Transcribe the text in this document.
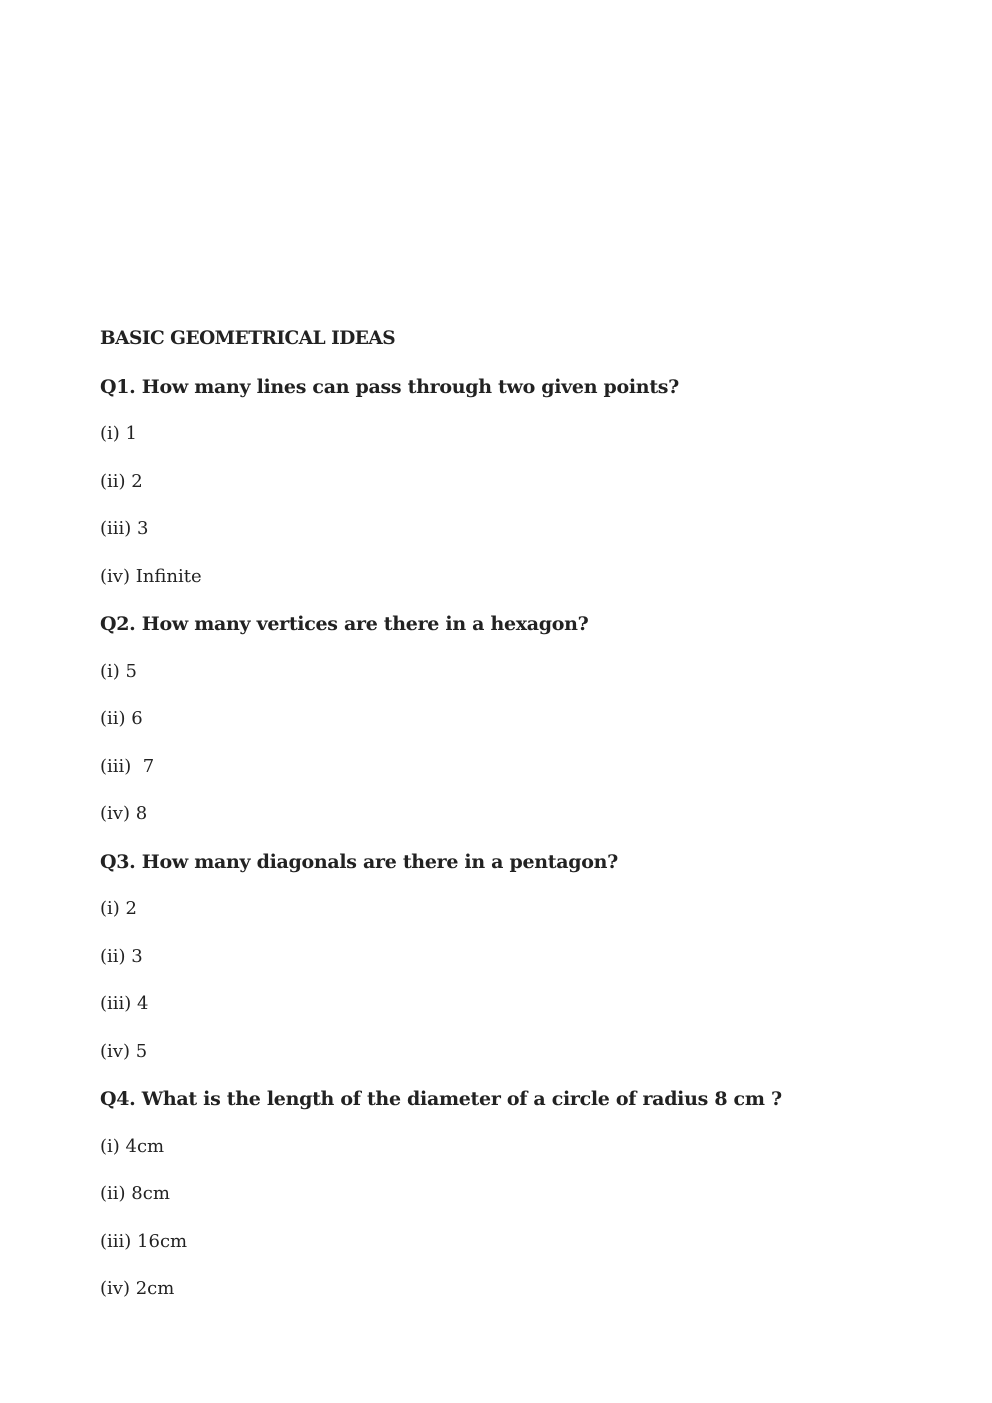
BASIC GEOMETRICAL IDEAS
Q1. How many lines can pass through two given points?
(i) 1
(ii) 2
(iii) 3
(iv) Infinite
Q2. How many vertices are there in a hexagon?
(i) 5
(ii) 6
(iii)  7
(iv) 8
Q3. How many diagonals are there in a pentagon?
(i) 2
(ii) 3
(iii) 4
(iv) 5
Q4. What is the length of the diameter of a circle of radius 8 cm ?
(i) 4cm
(ii) 8cm
(iii) 16cm
(iv) 2cm
